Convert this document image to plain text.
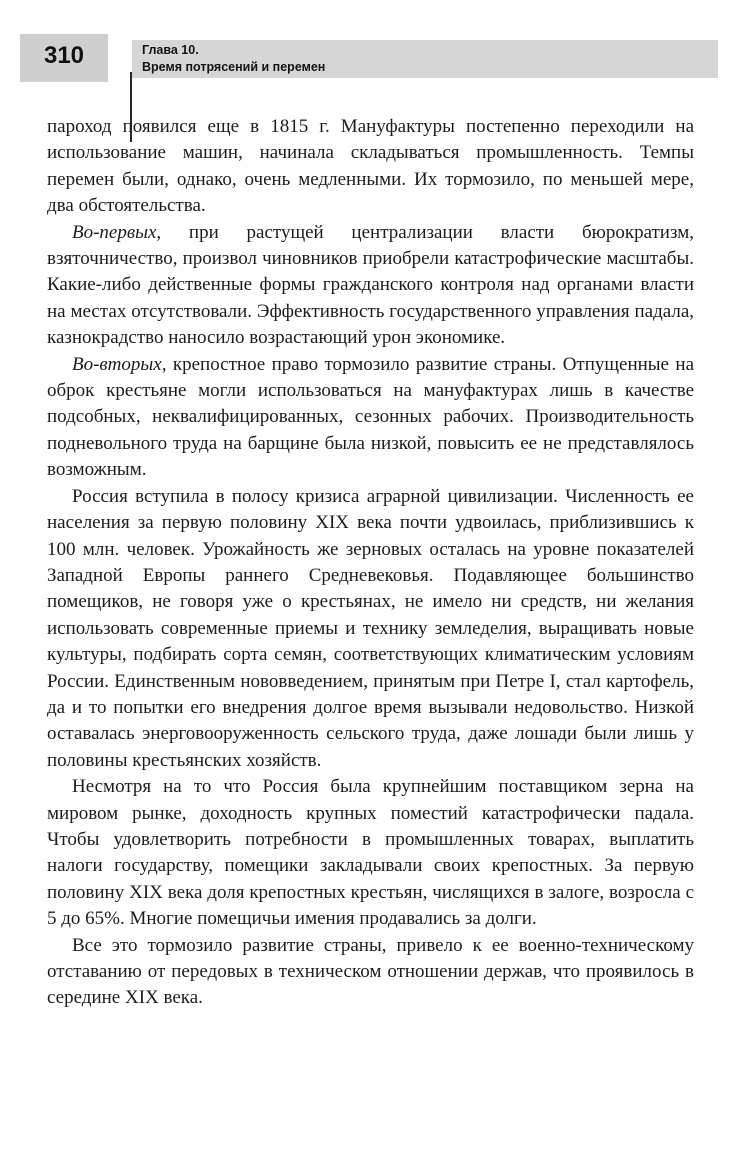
310	Глава 10.
Время потрясений и перемен

пароход появился еще в 1815 г. Мануфактуры постепенно переходили на использование машин, начинала складываться промышленность. Темпы перемен были, однако, очень медленными. Их тормозило, по меньшей мере, два обстоятельства.

Во-первых, при растущей централизации власти бюрократизм, взяточничество, произвол чиновников приобрели катастрофические масштабы. Какие-либо действенные формы гражданского контроля над органами власти на местах отсутствовали. Эффективность государственного управления падала, казнокрадство наносило возрастающий урон экономике.

Во-вторых, крепостное право тормозило развитие страны. Отпущенные на оброк крестьяне могли использоваться на мануфактурах лишь в качестве подсобных, неквалифицированных, сезонных рабочих. Производительность подневольного труда на барщине была низкой, повысить ее не представлялось возможным.

Россия вступила в полосу кризиса аграрной цивилизации. Численность ее населения за первую половину XIX века почти удвоилась, приблизившись к 100 млн. человек. Урожайность же зерновых осталась на уровне показателей Западной Европы раннего Средневековья. Подавляющее большинство помещиков, не говоря уже о крестьянах, не имело ни средств, ни желания использовать современные приемы и технику земледелия, выращивать новые культуры, подбирать сорта семян, соответствующих климатическим условиям России. Единственным нововведением, принятым при Петре I, стал картофель, да и то попытки его внедрения долгое время вызывали недовольство. Низкой оставалась энерговооруженность сельского труда, даже лошади были лишь у половины крестьянских хозяйств.

Несмотря на то что Россия была крупнейшим поставщиком зерна на мировом рынке, доходность крупных поместий катастрофически падала. Чтобы удовлетворить потребности в промышленных товарах, выплатить налоги государству, помещики закладывали своих крепостных. За первую половину XIX века доля крепостных крестьян, числящихся в залоге, возросла с 5 до 65%. Многие помещичьи имения продавались за долги.

Все это тормозило развитие страны, привело к ее военно-техническому отставанию от передовых в техническом отношении держав, что проявилось в середине XIX века.
